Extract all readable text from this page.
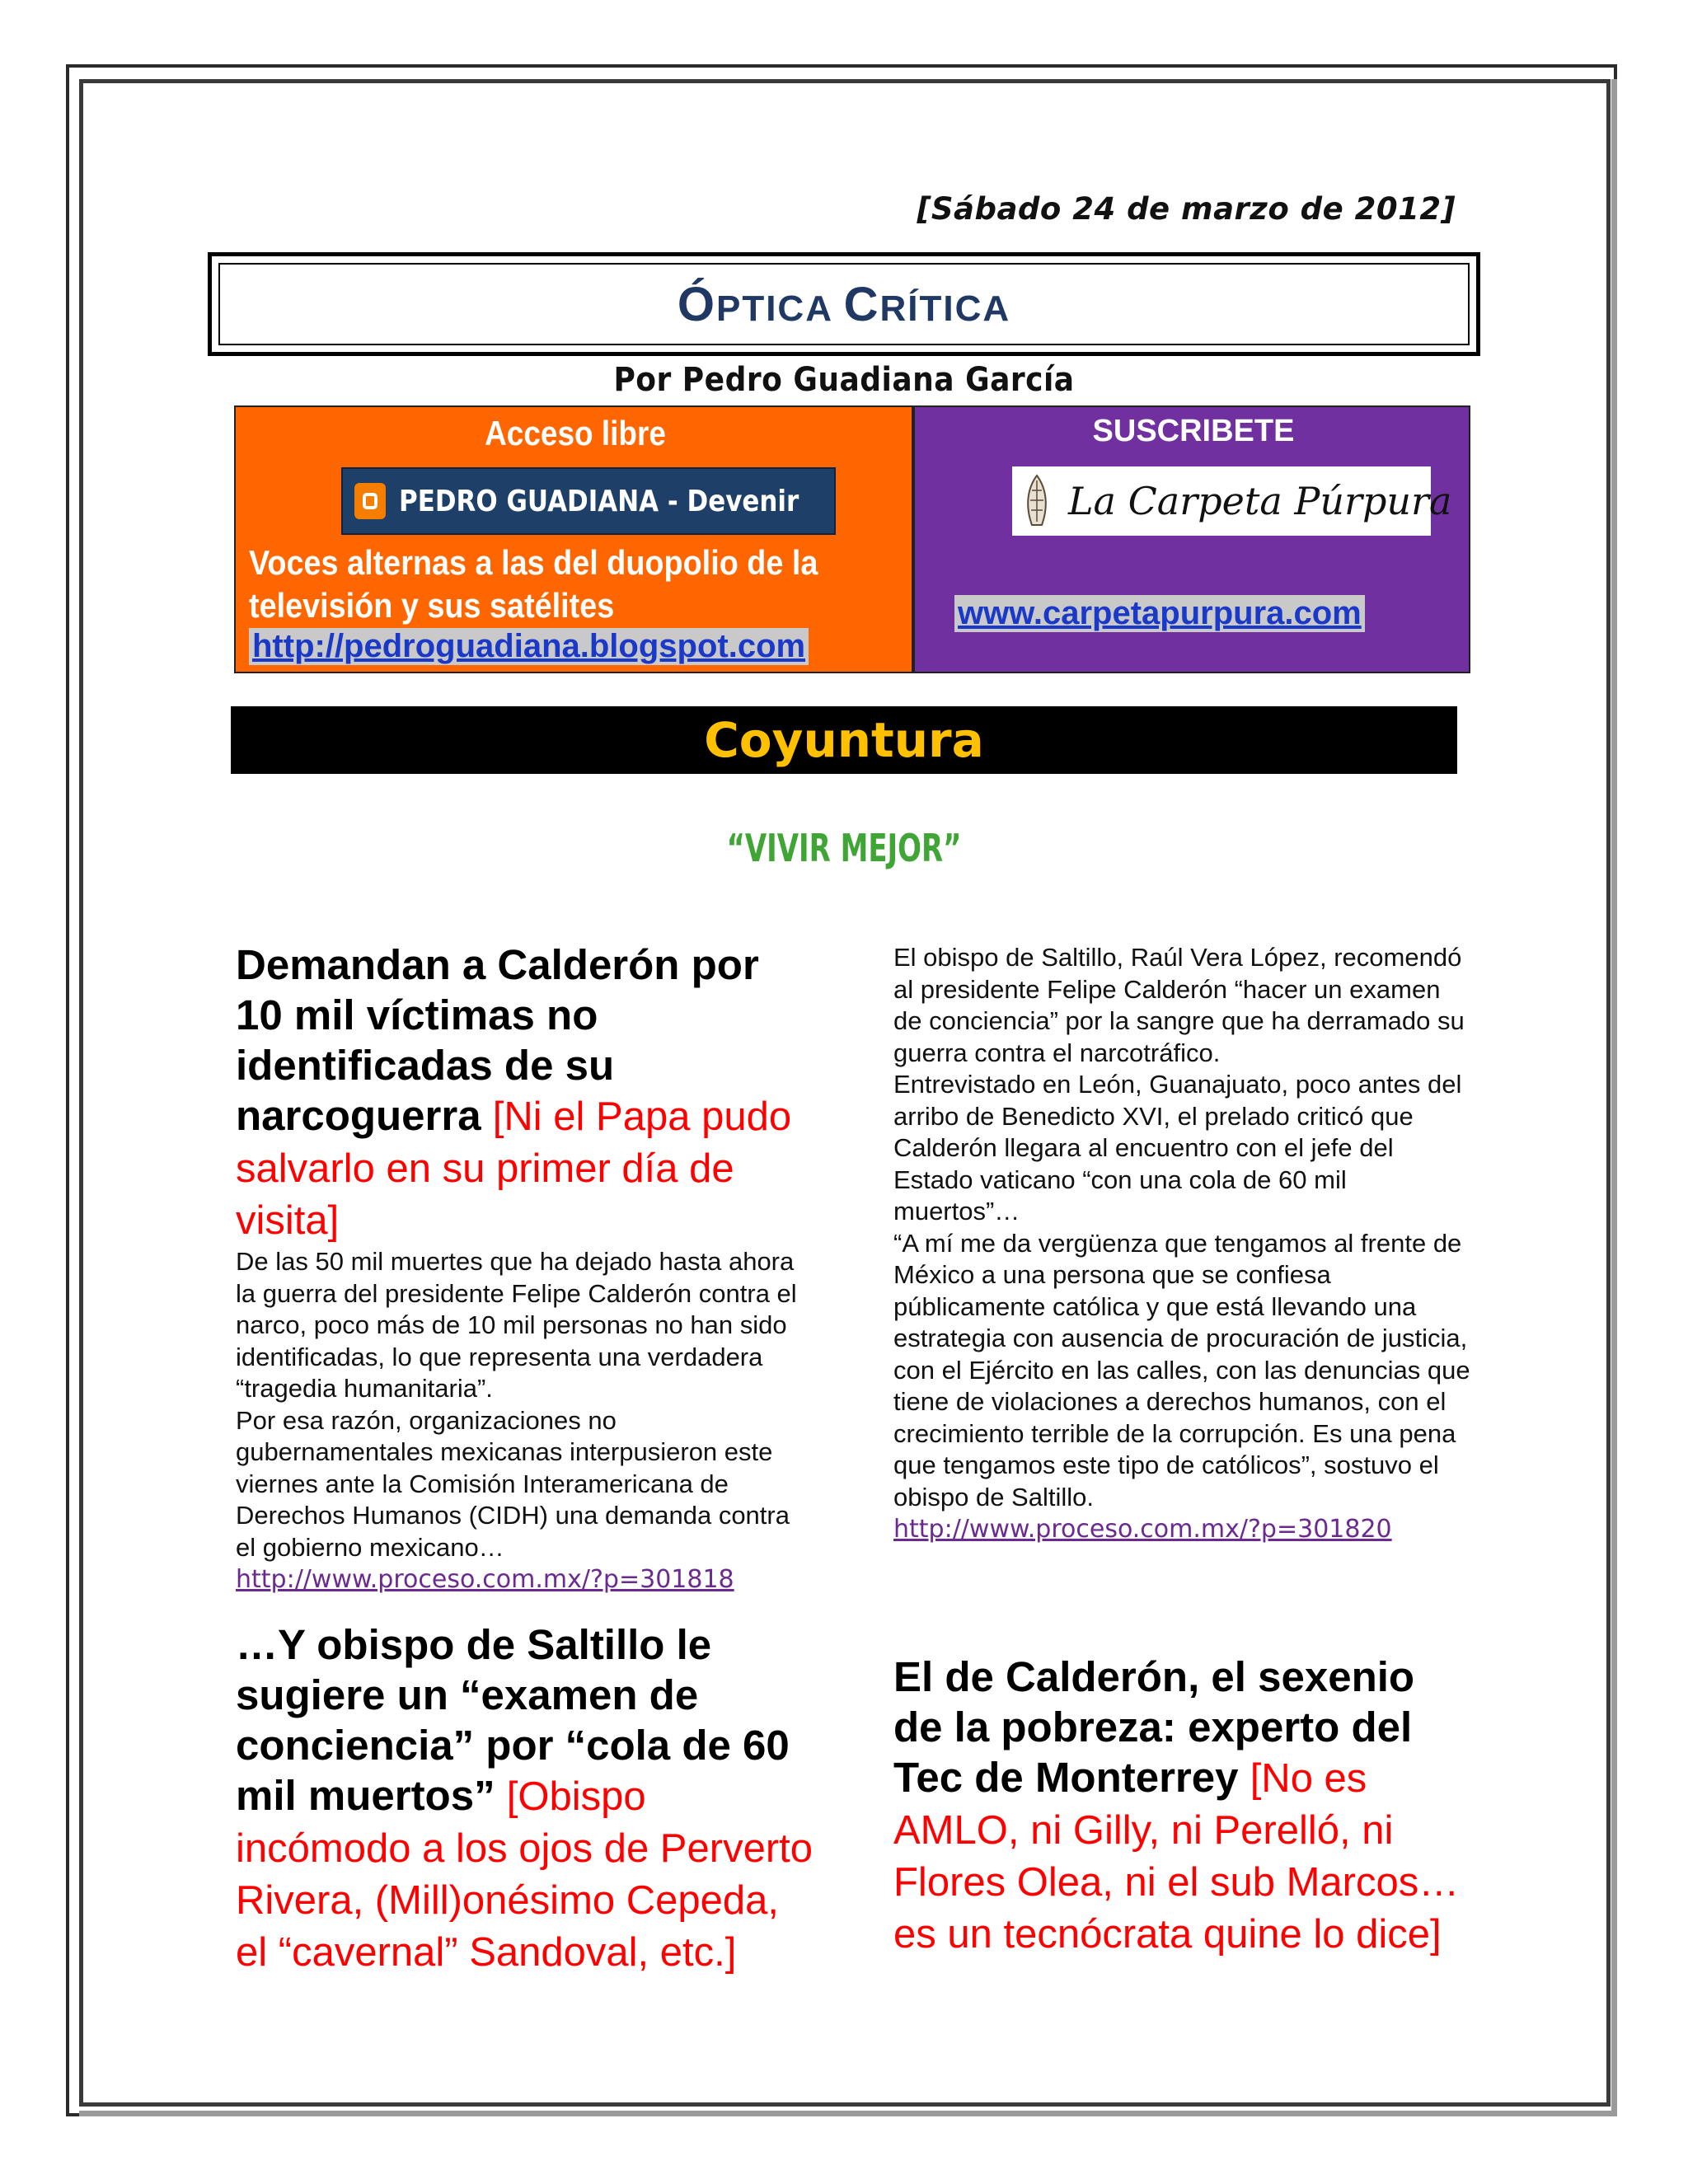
[Sábado 24 de marzo de 2012]
ÓPTICA CRÍTICA
Por Pedro Guadiana García
Acceso libre
PEDRO GUADIANA - Devenir
Voces alternas a las del duopolio de la televisión y sus satélites
http://pedroguadiana.blogspot.com
SUSCRIBETE
La Carpeta Púrpura
www.carpetapurpura.com
Coyuntura
“VIVIR MEJOR”
Demandan a Calderón por 10 mil víctimas no identificadas de su narcoguerra [Ni el Papa pudo salvarlo en su primer día de visita]

De las 50 mil muertes que ha dejado hasta ahora la guerra del presidente Felipe Calderón contra el narco, poco más de 10 mil personas no han sido identificadas, lo que representa una verdadera “tragedia humanitaria”.

Por esa razón, organizaciones no gubernamentales mexicanas interpusieron este viernes ante la Comisión Interamericana de Derechos Humanos (CIDH) una demanda contra el gobierno mexicano…

http://www.proceso.com.mx/?p=301818
…Y obispo de Saltillo le sugiere un “examen de conciencia” por “cola de 60 mil muertos” [Obispo incómodo a los ojos de Perverto Rivera, (Mill)onésimo Cepeda, el “cavernal” Sandoval, etc.]

El obispo de Saltillo, Raúl Vera López, recomendó al presidente Felipe Calderón “hacer un examen de conciencia” por la sangre que ha derramado su guerra contra el narcotráfico.

Entrevistado en León, Guanajuato, poco antes del arribo de Benedicto XVI, el prelado criticó que Calderón llegara al encuentro con el jefe del Estado vaticano “con una cola de 60 mil muertos”…

“A mí me da vergüenza que tengamos al frente de México a una persona que se confiesa públicamente católica y que está llevando una estrategia con ausencia de procuración de justicia, con el Ejército en las calles, con las denuncias que tiene de violaciones a derechos humanos, con el crecimiento terrible de la corrupción. Es una pena que tengamos este tipo de católicos”, sostuvo el obispo de Saltillo.

http://www.proceso.com.mx/?p=301820
El de Calderón, el sexenio de la pobreza: experto del Tec de Monterrey [No es AMLO, ni Gilly, ni Perelló, ni Flores Olea, ni el sub Marcos… es un tecnócrata quine lo dice]
